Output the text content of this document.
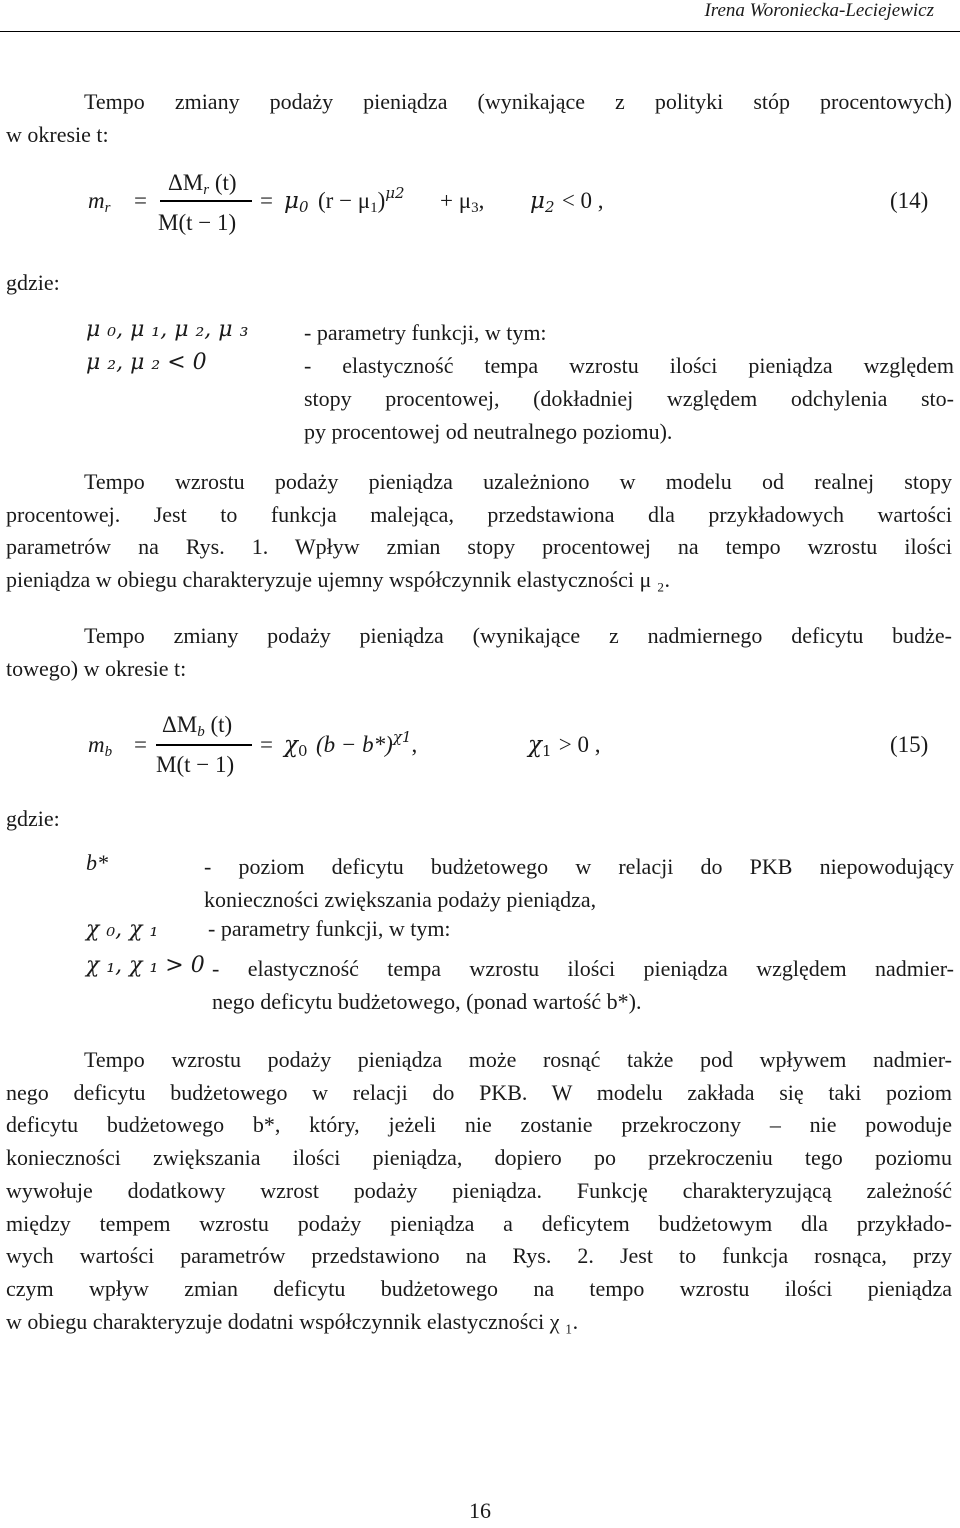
Irena Woroniecka-Leciejewicz
Tempo zmiany podaży pieniądza (wynikające z polityki stóp procentowych)
w okresie t:
mr =
ΔMr (t)
M(t − 1)
= μ0 $(r - \mu 1)^{\mu 2} + \mu 3$, μ2 < 0 ,	(14)
gdzie:
μ ₀, μ ₁, μ ₂, μ ₃	- parametry funkcji, w tym:
μ ₂, μ ₂ < 0	- elastyczność tempa wzrostu ilości pieniądza względem
stopy procentowej, (dokładniej względem odchylenia sto-
py procentowej od neutralnego poziomu).
Tempo wzrostu podaży pieniądza uzależniono w modelu od realnej stopy
procentowej. Jest to funkcja malejąca, przedstawiona dla przykładowych wartości
parametrów na Rys. 1. Wpływ zmian stopy procentowej na tempo wzrostu ilości
pieniądza w obiegu charakteryzuje ujemny współczynnik elastyczności μ ₂.
Tempo zmiany podaży pieniądza (wynikające z nadmiernego deficytu budże-
towego) w okresie t:
mb =
ΔMb (t)
M(t − 1)
= χ0 $(b - b*)^{\chi 1}$,	χ1 > 0 ,	(15)
gdzie:
b*	- poziom deficytu budżetowego w relacji do PKB niepowodujący
konieczności zwiększania podaży pieniądza,
χ ₀, χ ₁ - parametry funkcji, w tym:
χ ₁, χ ₁ > 0 - elastyczność tempa wzrostu ilości pieniądza względem nadmier-
nego deficytu budżetowego, (ponad wartość b*).
Tempo wzrostu podaży pieniądza może rosnąć także pod wpływem nadmier-
nego deficytu budżetowego w relacji do PKB. W modelu zakłada się taki poziom
deficytu budżetowego b*, który, jeżeli nie zostanie przekroczony – nie powoduje
konieczności zwiększania ilości pieniądza, dopiero po przekroczeniu tego poziomu
wywołuje dodatkowy wzrost podaży pieniądza. Funkcję charakteryzującą zależność
między tempem wzrostu podaży pieniądza a deficytem budżetowym dla przykłado-
wych wartości parametrów przedstawiono na Rys. 2. Jest to funkcja rosnąca, przy
czym wpływ zmian deficytu budżetowego na tempo wzrostu ilości pieniądza
w obiegu charakteryzuje dodatni współczynnik elastyczności χ ₁.
16
